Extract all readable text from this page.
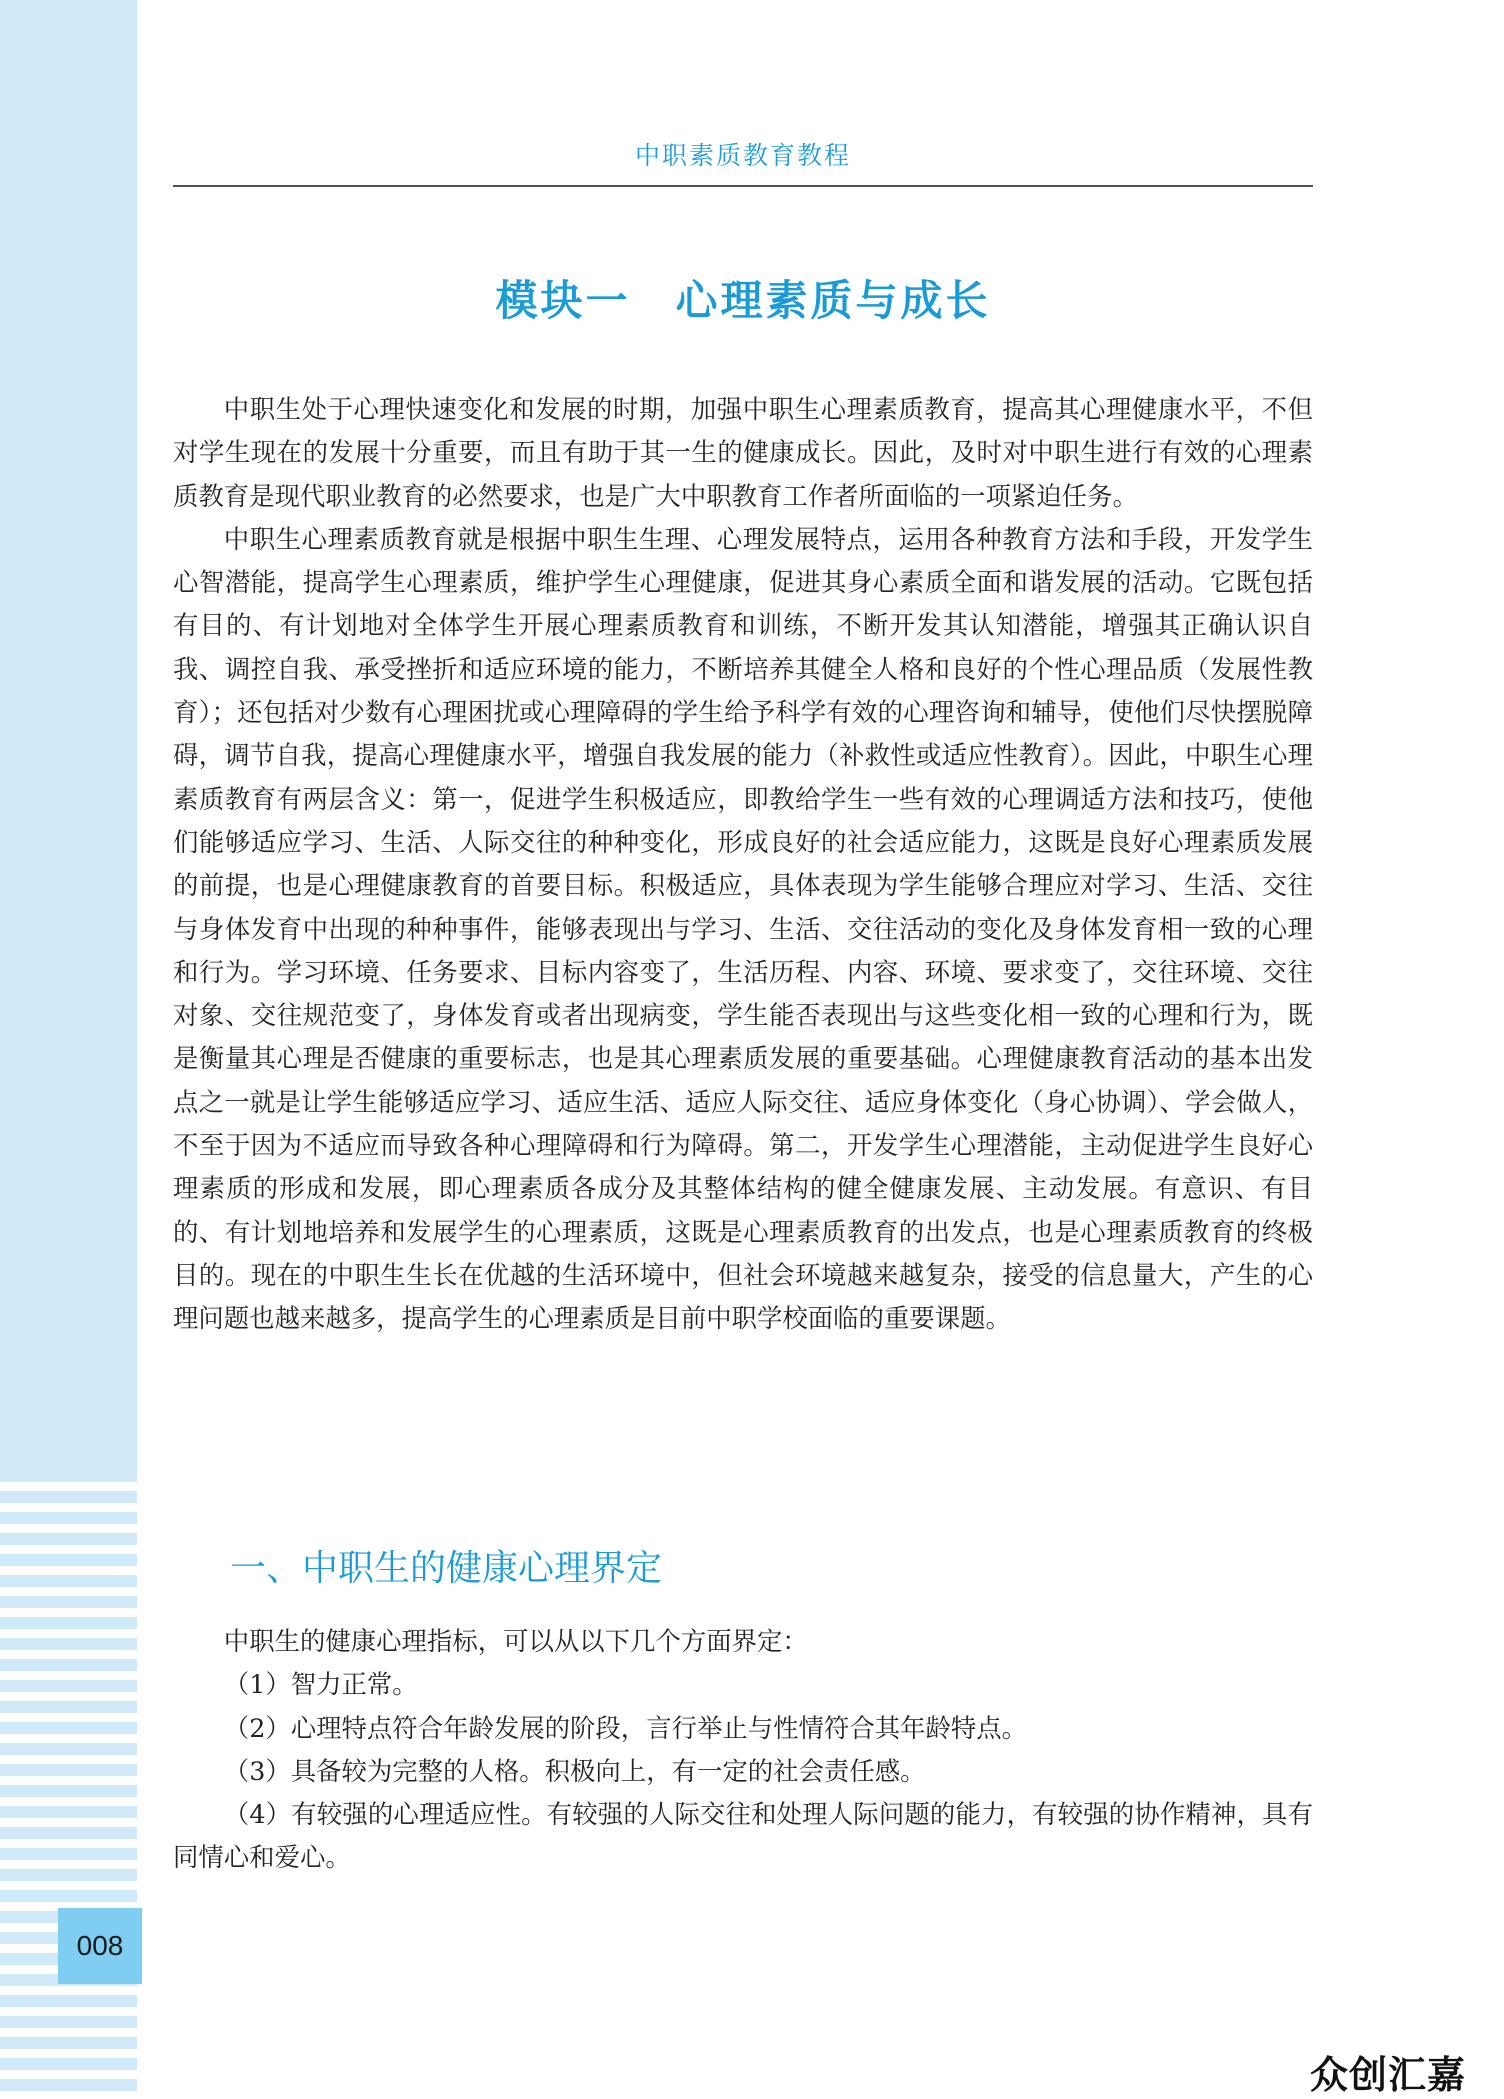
008
中职素质教育教程
模块一　心理素质与成长

中职生处于心理快速变化和发展的时期，加强中职生心理素质教育，提高其心理健康水平，不但对学生现在的发展十分重要，而且有助于其一生的健康成长。因此，及时对中职生进行有效的心理素质教育是现代职业教育的必然要求，也是广大中职教育工作者所面临的一项紧迫任务。

中职生心理素质教育就是根据中职生生理、心理发展特点，运用各种教育方法和手段，开发学生心智潜能，提高学生心理素质，维护学生心理健康，促进其身心素质全面和谐发展的活动。它既包括有目的、有计划地对全体学生开展心理素质教育和训练，不断开发其认知潜能，增强其正确认识自我、调控自我、承受挫折和适应环境的能力，不断培养其健全人格和良好的个性心理品质（发展性教育）；还包括对少数有心理困扰或心理障碍的学生给予科学有效的心理咨询和辅导，使他们尽快摆脱障碍，调节自我，提高心理健康水平，增强自我发展的能力（补救性或适应性教育）。因此，中职生心理素质教育有两层含义：第一，促进学生积极适应，即教给学生一些有效的心理调适方法和技巧，使他们能够适应学习、生活、人际交往的种种变化，形成良好的社会适应能力，这既是良好心理素质发展的前提，也是心理健康教育的首要目标。积极适应，具体表现为学生能够合理应对学习、生活、交往与身体发育中出现的种种事件，能够表现出与学习、生活、交往活动的变化及身体发育相一致的心理和行为。学习环境、任务要求、目标内容变了，生活历程、内容、环境、要求变了，交往环境、交往对象、交往规范变了，身体发育或者出现病变，学生能否表现出与这些变化相一致的心理和行为，既是衡量其心理是否健康的重要标志，也是其心理素质发展的重要基础。心理健康教育活动的基本出发点之一就是让学生能够适应学习、适应生活、适应人际交往、适应身体变化（身心协调）、学会做人，不至于因为不适应而导致各种心理障碍和行为障碍。第二，开发学生心理潜能，主动促进学生良好心理素质的形成和发展，即心理素质各成分及其整体结构的健全健康发展、主动发展。有意识、有目的、有计划地培养和发展学生的心理素质，这既是心理素质教育的出发点，也是心理素质教育的终极目的。现在的中职生生长在优越的生活环境中，但社会环境越来越复杂，接受的信息量大，产生的心理问题也越来越多，提高学生的心理素质是目前中职学校面临的重要课题。

一、中职生的健康心理界定

中职生的健康心理指标，可以从以下几个方面界定：

（1）智力正常。

（2）心理特点符合年龄发展的阶段，言行举止与性情符合其年龄特点。

（3）具备较为完整的人格。积极向上，有一定的社会责任感。

（4）有较强的心理适应性。有较强的人际交往和处理人际问题的能力，有较强的协作精神，具有同情心和爱心。

众创汇嘉
